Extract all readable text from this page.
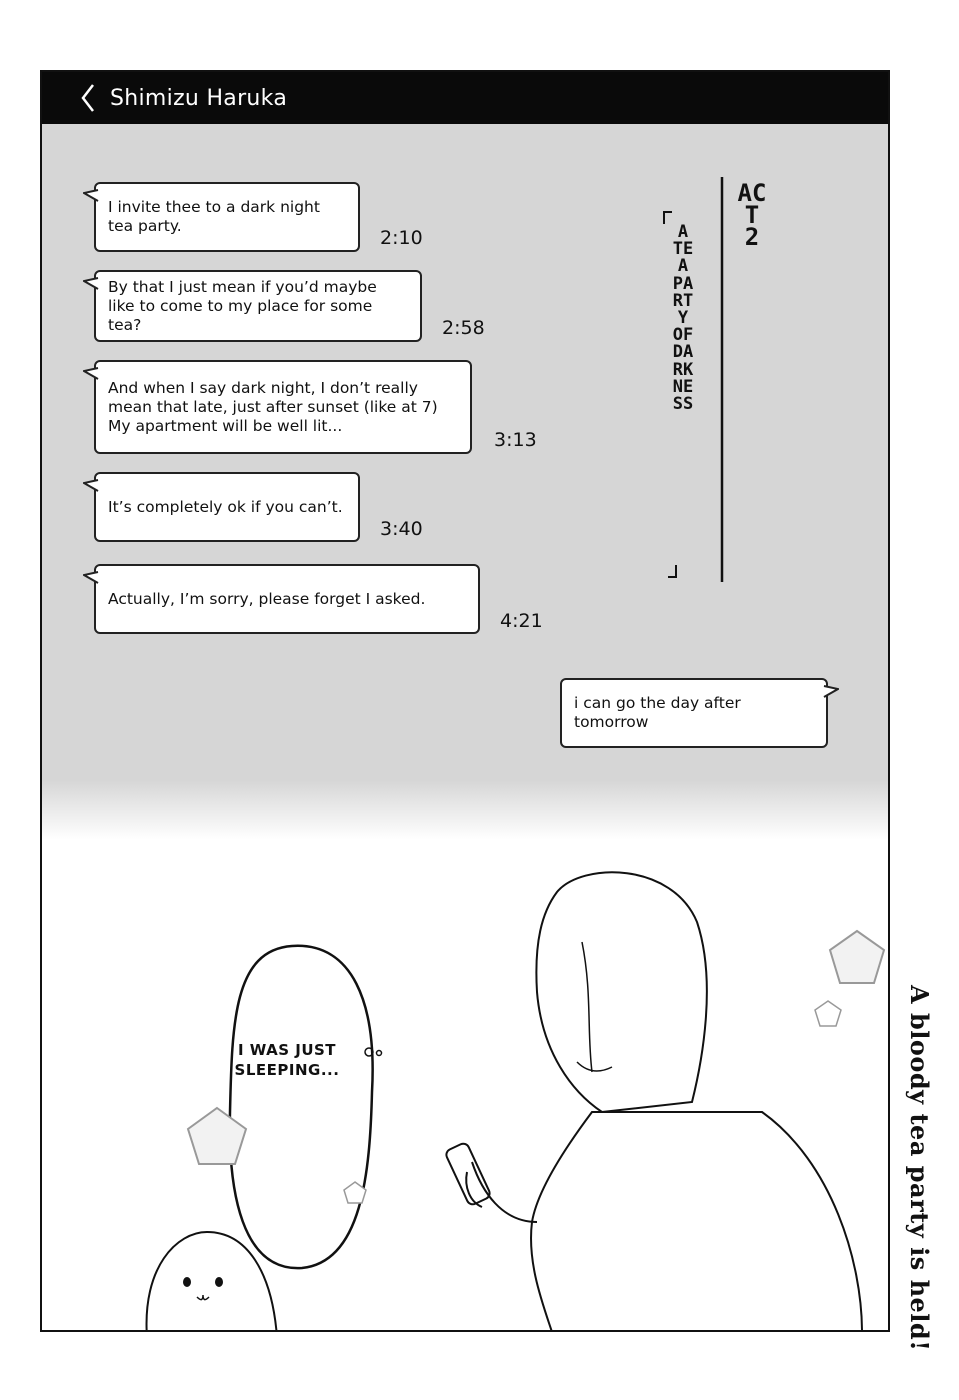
Shimizu Haruka
I invite thee to a dark night
tea party.
2:10
By that I just mean if you’d maybe
like to come to my place for some tea?	2:58
And when I say dark night, I don’t really
mean that late, just after sunset (like at 7)
My apartment will be well lit...
3:13
It’s completely ok if you can’t.
3:40
Actually, I’m sorry, please forget I asked.
4:21
i can go the day after tomorrow
ACT 2
A TEA PARTY OF DARKNESS
I WAS JUST SLEEPING...	A bloody tea party is held!
